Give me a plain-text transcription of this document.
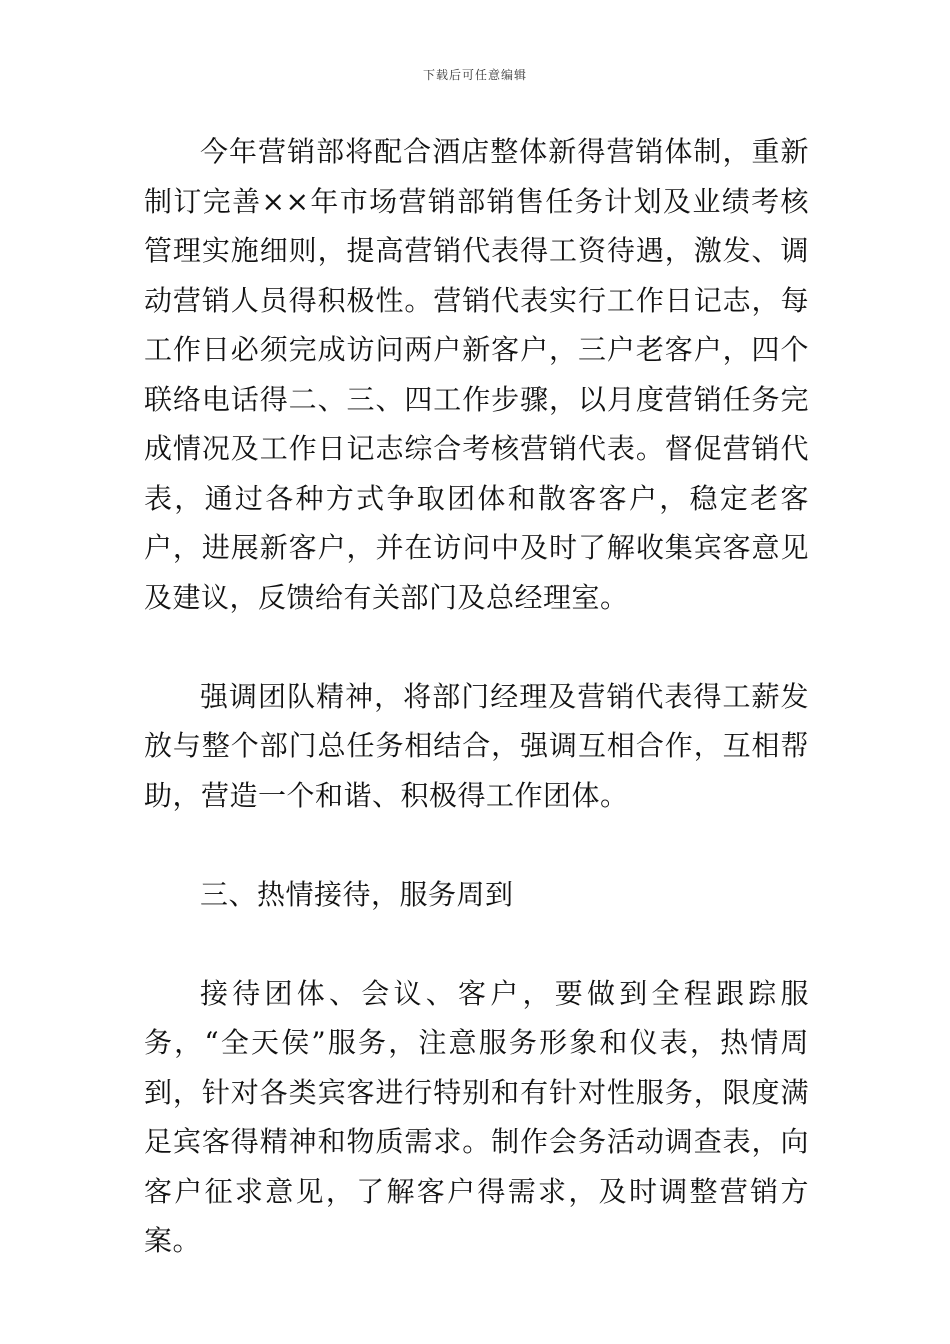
下载后可任意编辑

今年营销部将配合酒店整体新得营销体制，重新制订完善××年市场营销部销售任务计划及业绩考核管理实施细则，提高营销代表得工资待遇，激发、调动营销人员得积极性。营销代表实行工作日记志，每工作日必须完成访问两户新客户，三户老客户，四个联络电话得二、三、四工作步骤，以月度营销任务完成情况及工作日记志综合考核营销代表。督促营销代表，通过各种方式争取团体和散客客户，稳定老客户，进展新客户，并在访问中及时了解收集宾客意见及建议，反馈给有关部门及总经理室。

强调团队精神，将部门经理及营销代表得工薪发放与整个部门总任务相结合，强调互相合作，互相帮助，营造一个和谐、积极得工作团体。

三、热情接待，服务周到

接待团体、会议、客户，要做到全程跟踪服务，“全天侯”服务，注意服务形象和仪表，热情周到，针对各类宾客进行特别和有针对性服务，限度满足宾客得精神和物质需求。制作会务活动调查表，向客户征求意见，了解客户得需求，及时调整营销方案。
